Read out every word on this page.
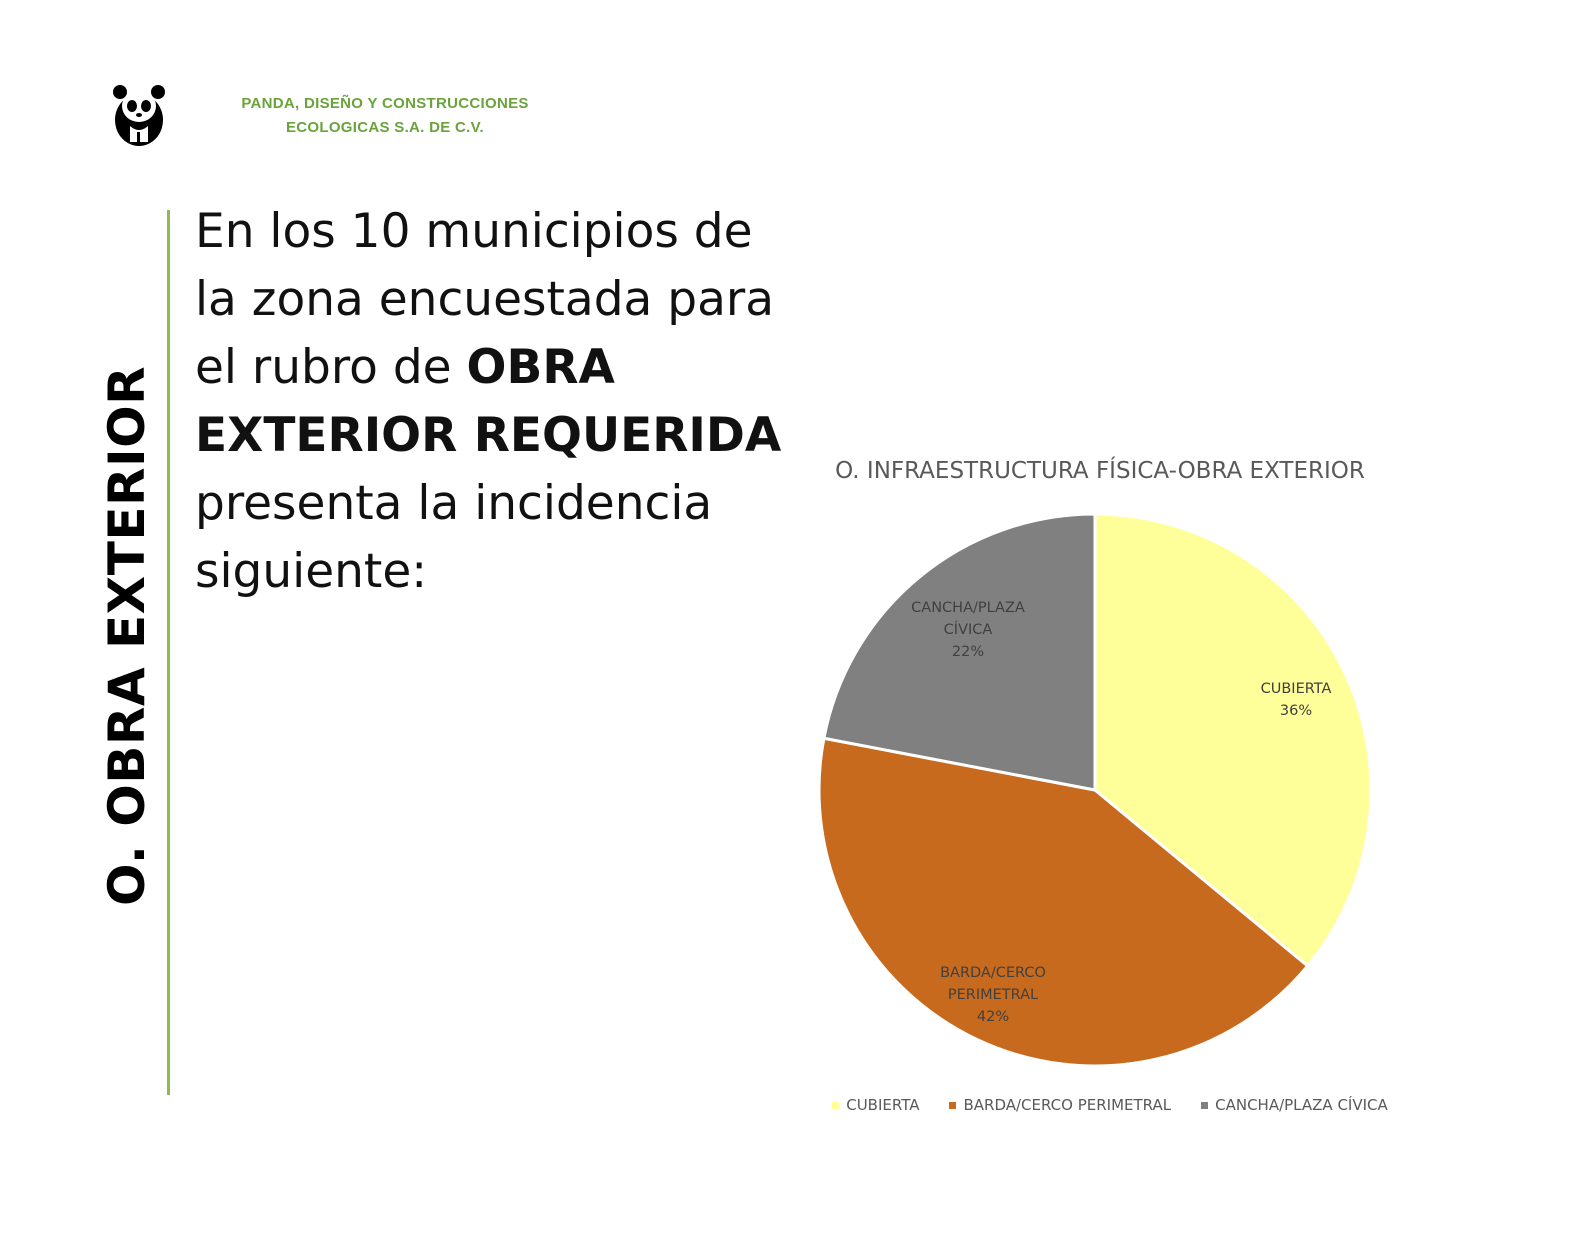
PANDA, DISEÑO Y CONSTRUCCIONES
ECOLOGICAS S.A. DE C.V.
O. OBRA EXTERIOR
En los 10 municipios de la zona encuestada para el rubro de OBRA EXTERIOR REQUERIDA presenta la incidencia siguiente:
O. INFRAESTRUCTURA FÍSICA-OBRA EXTERIOR
CUBIERTA
36%
BARDA/CERCO
PERIMETRAL
42%
CANCHA/PLAZA
CÍVICA
22%
CUBIERTA	BARDA/CERCO PERIMETRAL	CANCHA/PLAZA CÍVICA
